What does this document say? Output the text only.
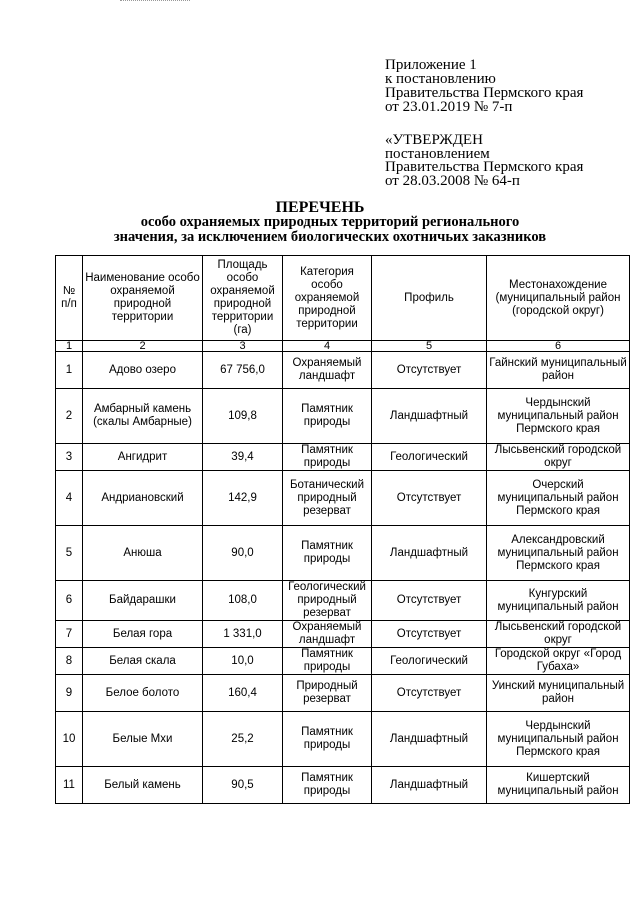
Приложение 1
к постановлению
Правительства Пермского края
от 23.01.2019 № 7-п
«УТВЕРЖДЕН
постановлением
Правительства Пермского края
от 28.03.2008 № 64-п
ПЕРЕЧЕНЬ
особо охраняемых природных территорий регионального
значения, за исключением биологических охотничьих заказников
№ п/п	Наименование особо охраняемой природной территории	Площадь особо охраняемой природной территории (га)	Категория особо охраняемой природной территории	Профиль	Местонахождение (муниципальный район (городской округ)
1	2	3	4	5	6
1	Адово озеро	67 756,0	Охраняемый ландшафт	Отсутствует	Гайнский муниципальный район
2	Амбарный камень (скалы Амбарные)	109,8	Памятник природы	Ландшафтный	Чердынский муниципальный район Пермского края
3	Ангидрит	39,4	Памятник природы	Геологический	Лысьвенский городской округ
4	Андриановский	142,9	Ботанический природный резерват	Отсутствует	Очерский муниципальный район Пермского края
5	Анюша	90,0	Памятник природы	Ландшафтный	Александровский муниципальный район Пермского края
6	Байдарашки	108,0	Геологический природный резерват	Отсутствует	Кунгурский муниципальный район
7	Белая гора	1 331,0	Охраняемый ландшафт	Отсутствует	Лысьвенский городской округ
8	Белая скала	10,0	Памятник природы	Геологический	Городской округ «Город Губаха»
9	Белое болото	160,4	Природный резерват	Отсутствует	Уинский муниципальный район
10	Белые Мхи	25,2	Памятник природы	Ландшафтный	Чердынский муниципальный район Пермского края
11	Белый камень	90,5	Памятник природы	Ландшафтный	Кишертский муниципальный район
